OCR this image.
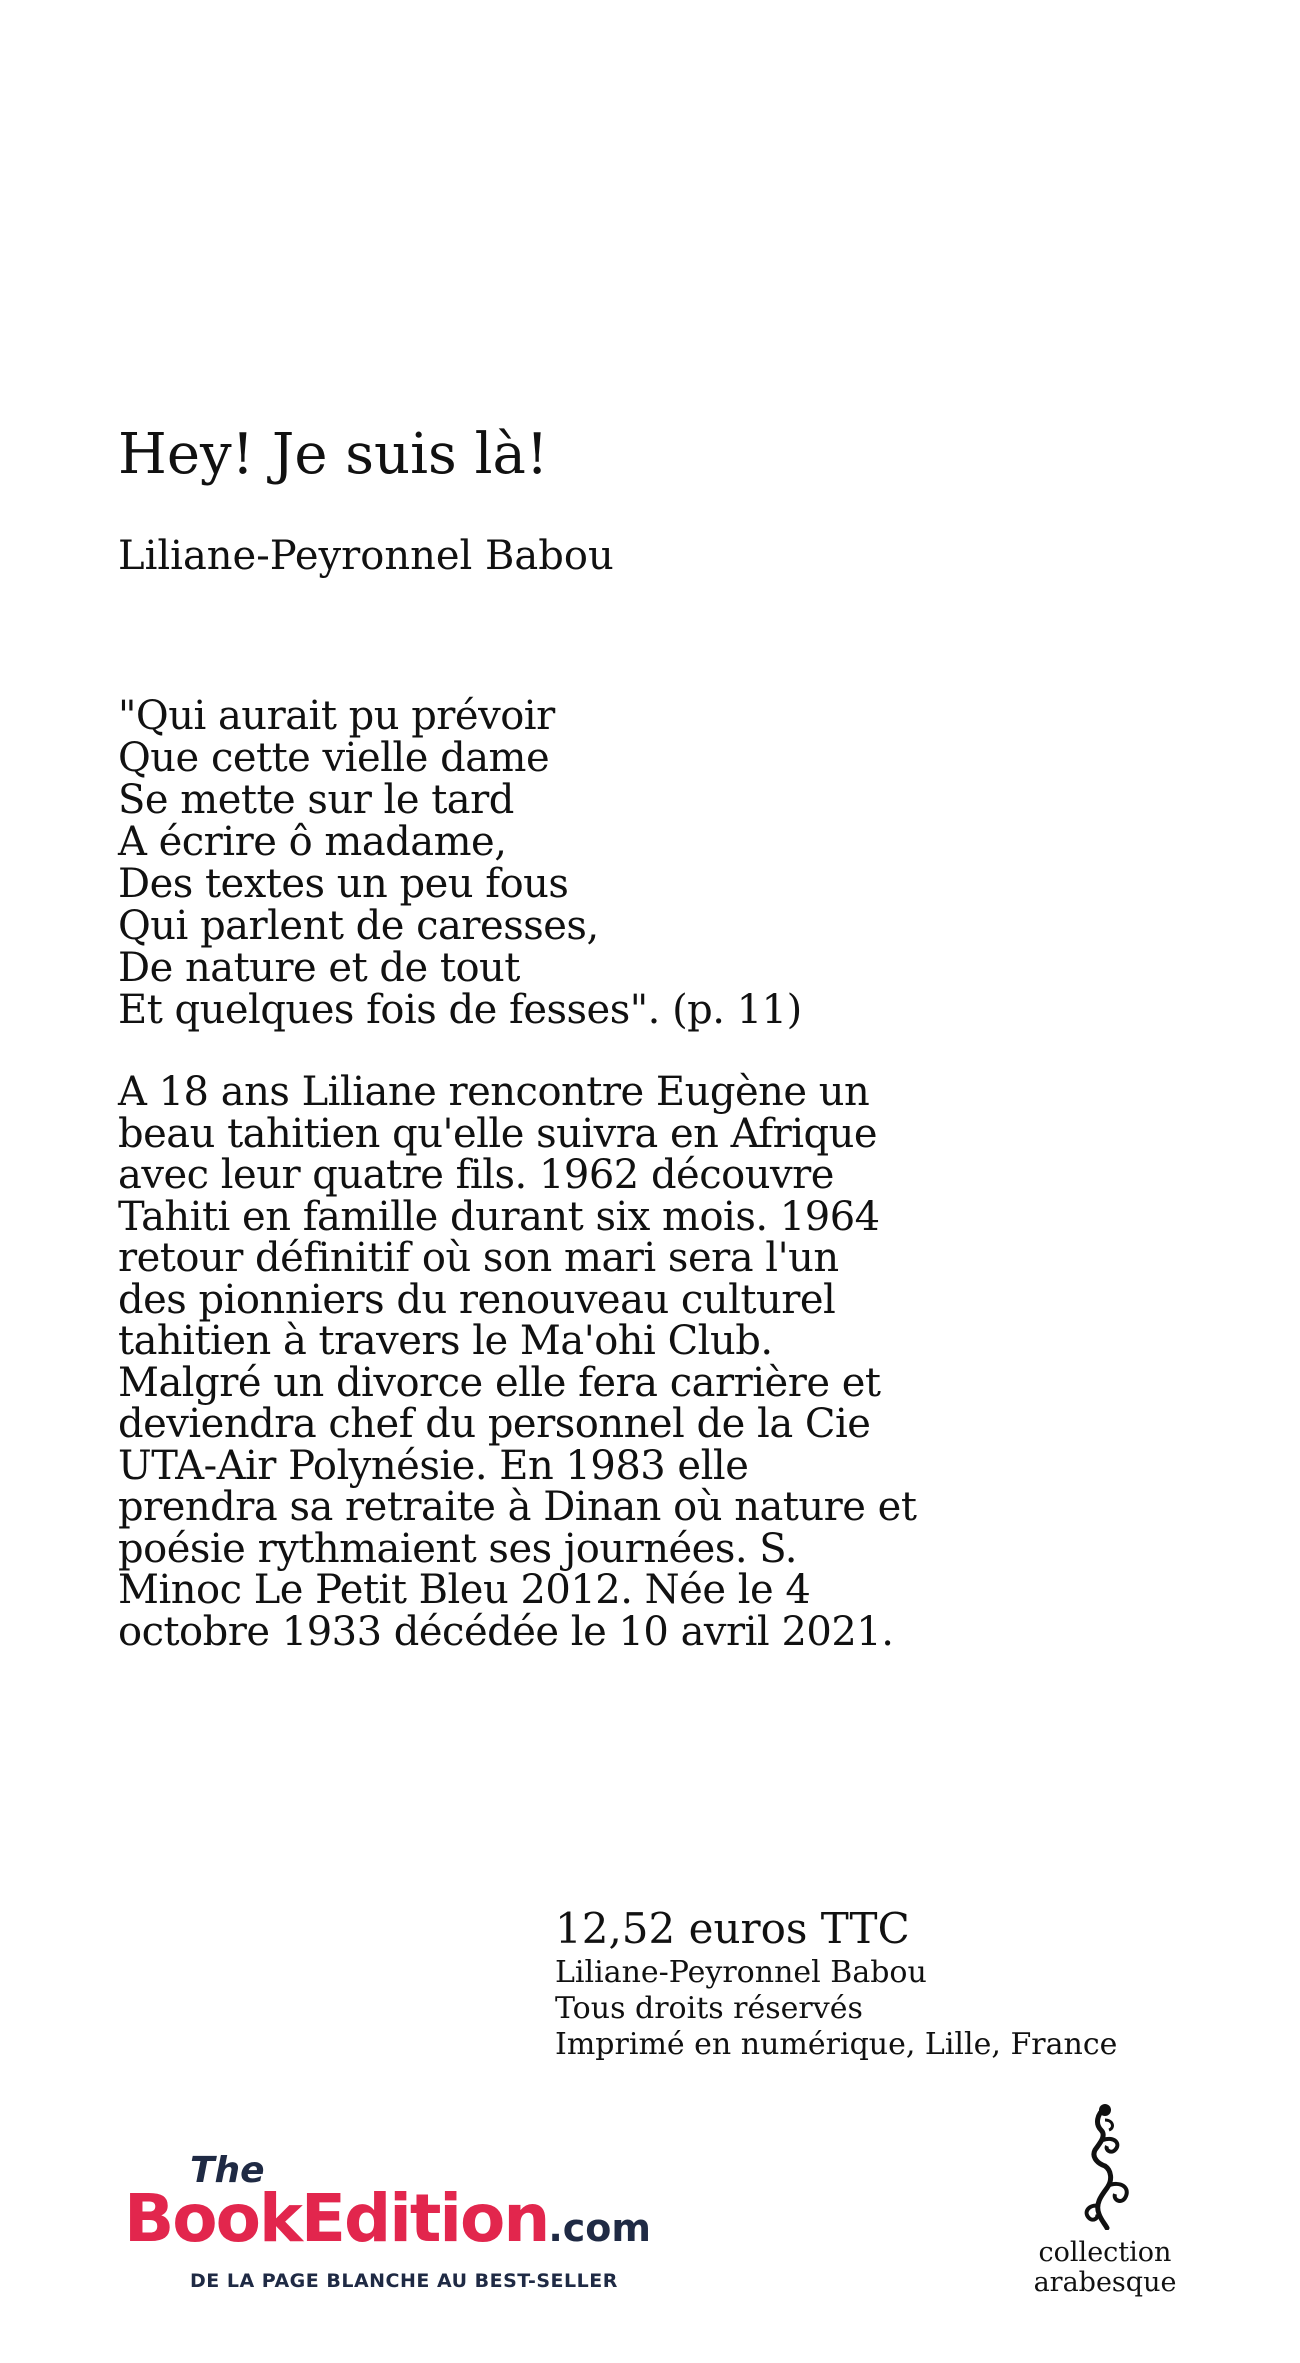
Hey! Je suis là!
Liliane-Peyronnel Babou
"Qui aurait pu prévoir
Que cette vielle dame
Se mette sur le tard
A écrire ô madame,
Des textes un peu fous
Qui parlent de caresses,
De nature et de tout
Et quelques fois de fesses". (p. 11)
A 18 ans Liliane rencontre Eugène un
beau tahitien qu'elle suivra en Afrique
avec leur quatre fils. 1962 découvre
Tahiti en famille durant six mois. 1964
retour définitif où son mari sera l'un
des pionniers du renouveau culturel
tahitien à travers le Ma'ohi Club.
Malgré un divorce elle fera carrière et
deviendra chef du personnel de la Cie
UTA-Air Polynésie. En 1983 elle
prendra sa retraite à Dinan où nature et
poésie rythmaient ses journées. S.
Minoc Le Petit Bleu 2012. Née le 4
octobre 1933 décédée le 10 avril 2021.
12,52 euros TTC
Liliane-Peyronnel Babou
Tous droits réservés
Imprimé en numérique, Lille, France
The
BookEdition.com
DE LA PAGE BLANCHE AU BEST-SELLER
collection
arabesque
